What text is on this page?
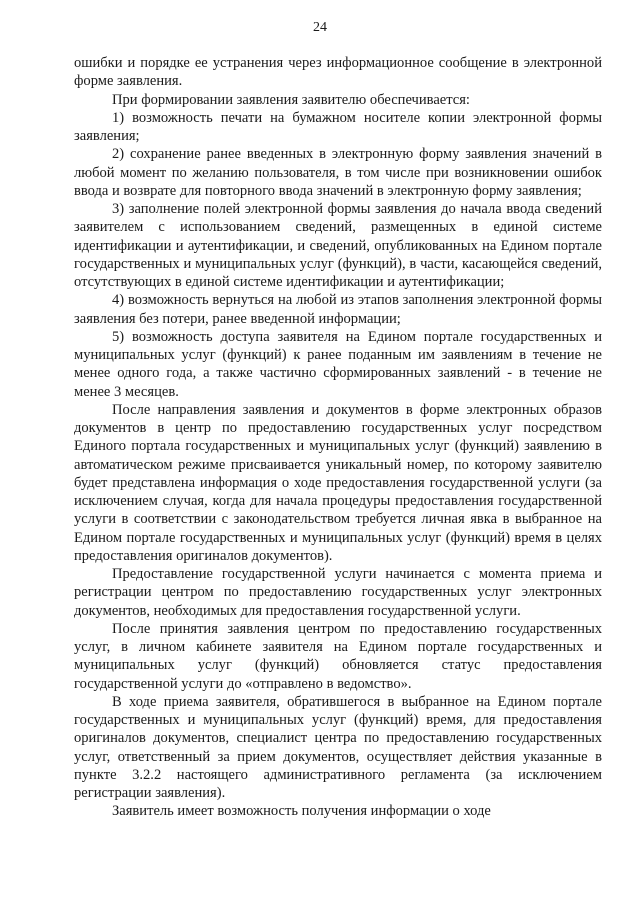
24

ошибки и порядке ее устранения через информационное сообщение в электронной форме заявления.

При формировании заявления заявителю обеспечивается:

1) возможность печати на бумажном носителе копии электронной формы заявления;

2) сохранение ранее введенных в электронную форму заявления значений в любой момент по желанию пользователя, в том числе при возникновении ошибок ввода и возврате для повторного ввода значений в электронную форму заявления;

3) заполнение полей электронной формы заявления до начала ввода сведений заявителем с использованием сведений, размещенных в единой системе идентификации и аутентификации, и сведений, опубликованных на Едином портале государственных и муниципальных услуг (функций), в части, касающейся сведений, отсутствующих в единой системе идентификации и аутентификации;

4) возможность вернуться на любой из этапов заполнения электронной формы заявления без потери, ранее введенной информации;

5) возможность доступа заявителя на Едином портале государственных и муниципальных услуг (функций) к ранее поданным им заявлениям в течение не менее одного года, а также частично сформированных заявлений - в течение не менее 3 месяцев.

После направления заявления и документов в форме электронных образов документов в центр по предоставлению государственных услуг посредством Единого портала государственных и муниципальных услуг (функций) заявлению в автоматическом режиме присваивается уникальный номер, по которому заявителю будет представлена информация о ходе предоставления государственной услуги (за исключением случая, когда для начала процедуры предоставления государственной услуги в соответствии с законодательством требуется личная явка в выбранное на Едином портале государственных и муниципальных услуг (функций) время в целях предоставления оригиналов документов).

Предоставление государственной услуги начинается с момента приема и регистрации центром по предоставлению государственных услуг электронных документов, необходимых для предоставления государственной услуги.

После принятия заявления центром по предоставлению государственных услуг, в личном кабинете заявителя на Едином портале государственных и муниципальных услуг (функций) обновляется статус предоставления государственной услуги до «отправлено в ведомство».

В ходе приема заявителя, обратившегося в выбранное на Едином портале государственных и муниципальных услуг (функций) время, для предоставления оригиналов документов, специалист центра по предоставлению государственных услуг, ответственный за прием документов, осуществляет действия указанные в пункте 3.2.2 настоящего административного регламента (за исключением регистрации заявления).

Заявитель имеет возможность получения информации о ходе
